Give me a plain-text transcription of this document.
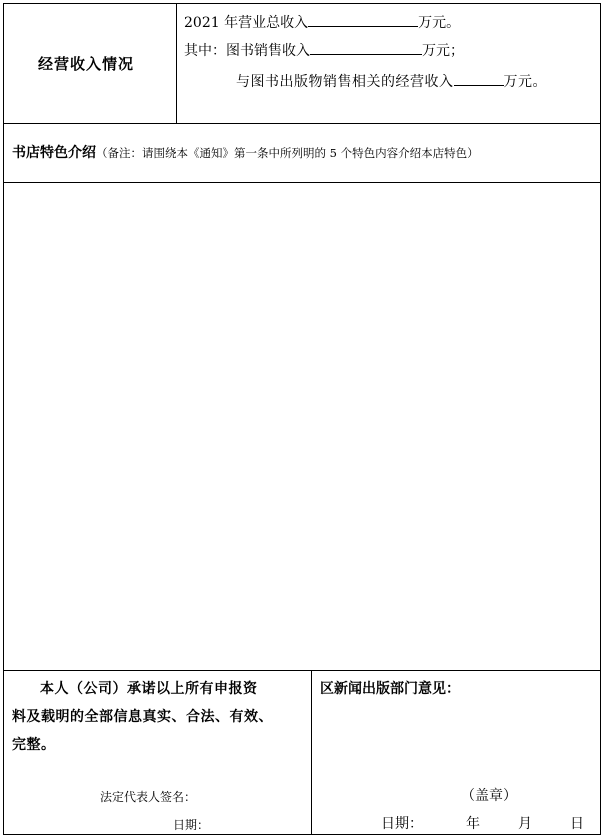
经营收入情况
2021 年营业总收入	万元。
其中：图书销售收入	万元；
与图书出版物销售相关的经营收入	万元。
书店特色介绍（备注：请围绕本《通知》第一条中所列明的 5 个特色内容介绍本店特色）
本人（公司）承诺以上所有申报资
料及载明的全部信息真实、合法、有效、
完整。
法定代表人签名：
日期：
区新闻出版部门意见：
（盖章）
日期：	年	月	日
